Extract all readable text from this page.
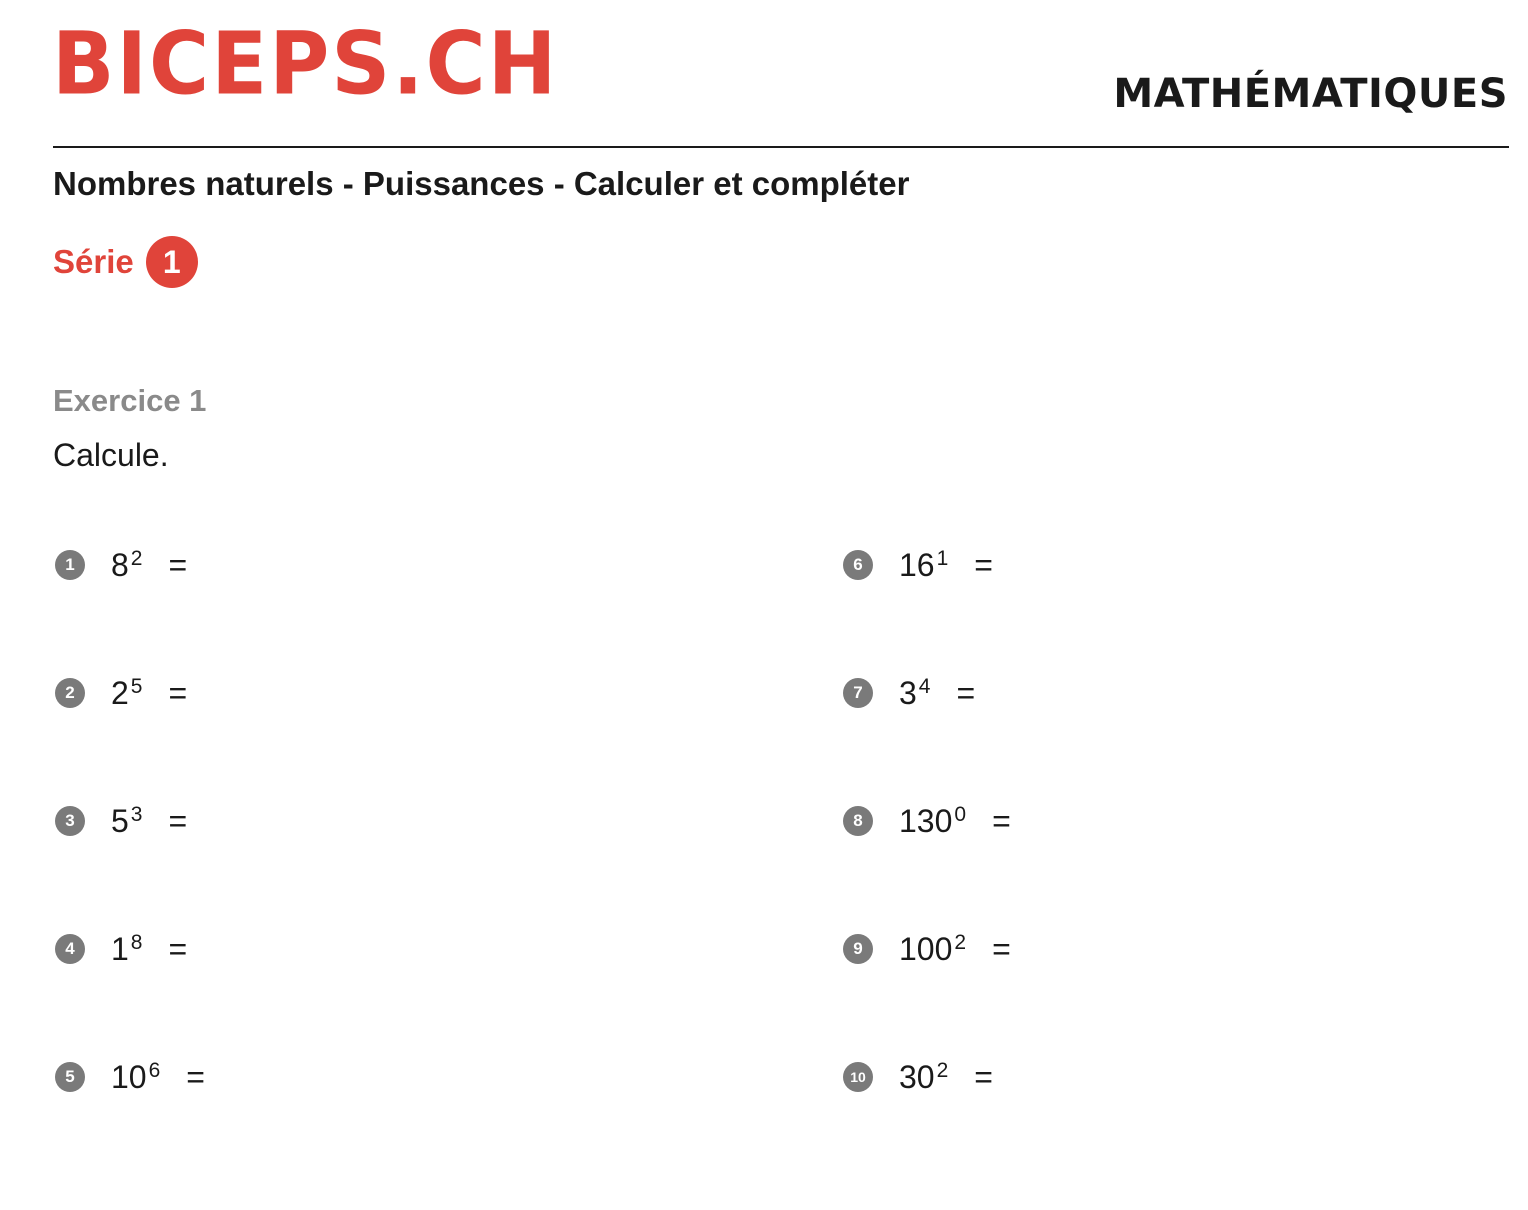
BICEPS.CH	MATHÉMATIQUES
Nombres naturels - Puissances - Calculer et compléter
Série 1
Exercice 1
Calcule.
1	$8^2$ =
2	$2^5$ =
3	$5^3$ =
4	$1^8$ =
5	$10^6$ =
6	$16^1$ =
7	$3^4$ =
8	$130^0$ =
9	$100^2$ =
10 $30^2$ =
